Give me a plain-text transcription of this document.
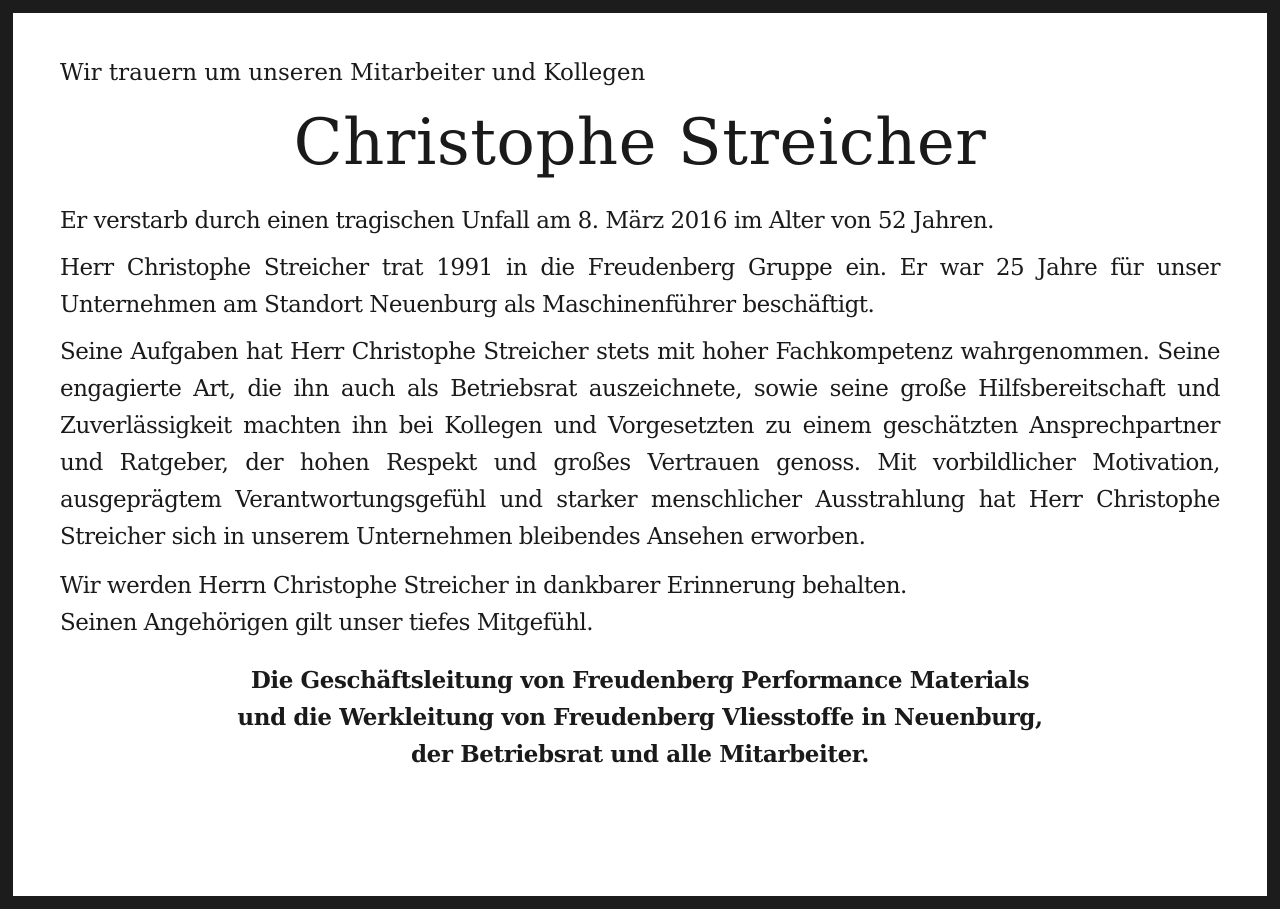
Wir trauern um unseren Mitarbeiter und Kollegen

Christophe Streicher

Er verstarb durch einen tragischen Unfall am 8. März 2016 im Alter von 52 Jahren.

Herr Christophe Streicher trat 1991 in die Freudenberg Gruppe ein. Er war 25 Jahre für unser Unternehmen am Standort Neuenburg als Maschinenführer beschäftigt.

Seine Aufgaben hat Herr Christophe Streicher stets mit hoher Fachkompetenz wahrgenommen. Seine engagierte Art, die ihn auch als Betriebsrat auszeichnete, sowie seine große Hilfsbereitschaft und Zuverlässigkeit machten ihn bei Kollegen und Vorgesetzten zu einem geschätzten Ansprechpartner und Ratgeber, der hohen Respekt und großes Vertrauen genoss. Mit vorbildlicher Motivation, ausgeprägtem Verantwortungsgefühl und starker menschlicher Ausstrahlung hat Herr Christophe Streicher sich in unserem Unternehmen bleibendes Ansehen erworben.

Wir werden Herrn Christophe Streicher in dankbarer Erinnerung behalten.
Seinen Angehörigen gilt unser tiefes Mitgefühl.

Die Geschäftsleitung von Freudenberg Performance Materials
und die Werkleitung von Freudenberg Vliesstoffe in Neuenburg,
der Betriebsrat und alle Mitarbeiter.
